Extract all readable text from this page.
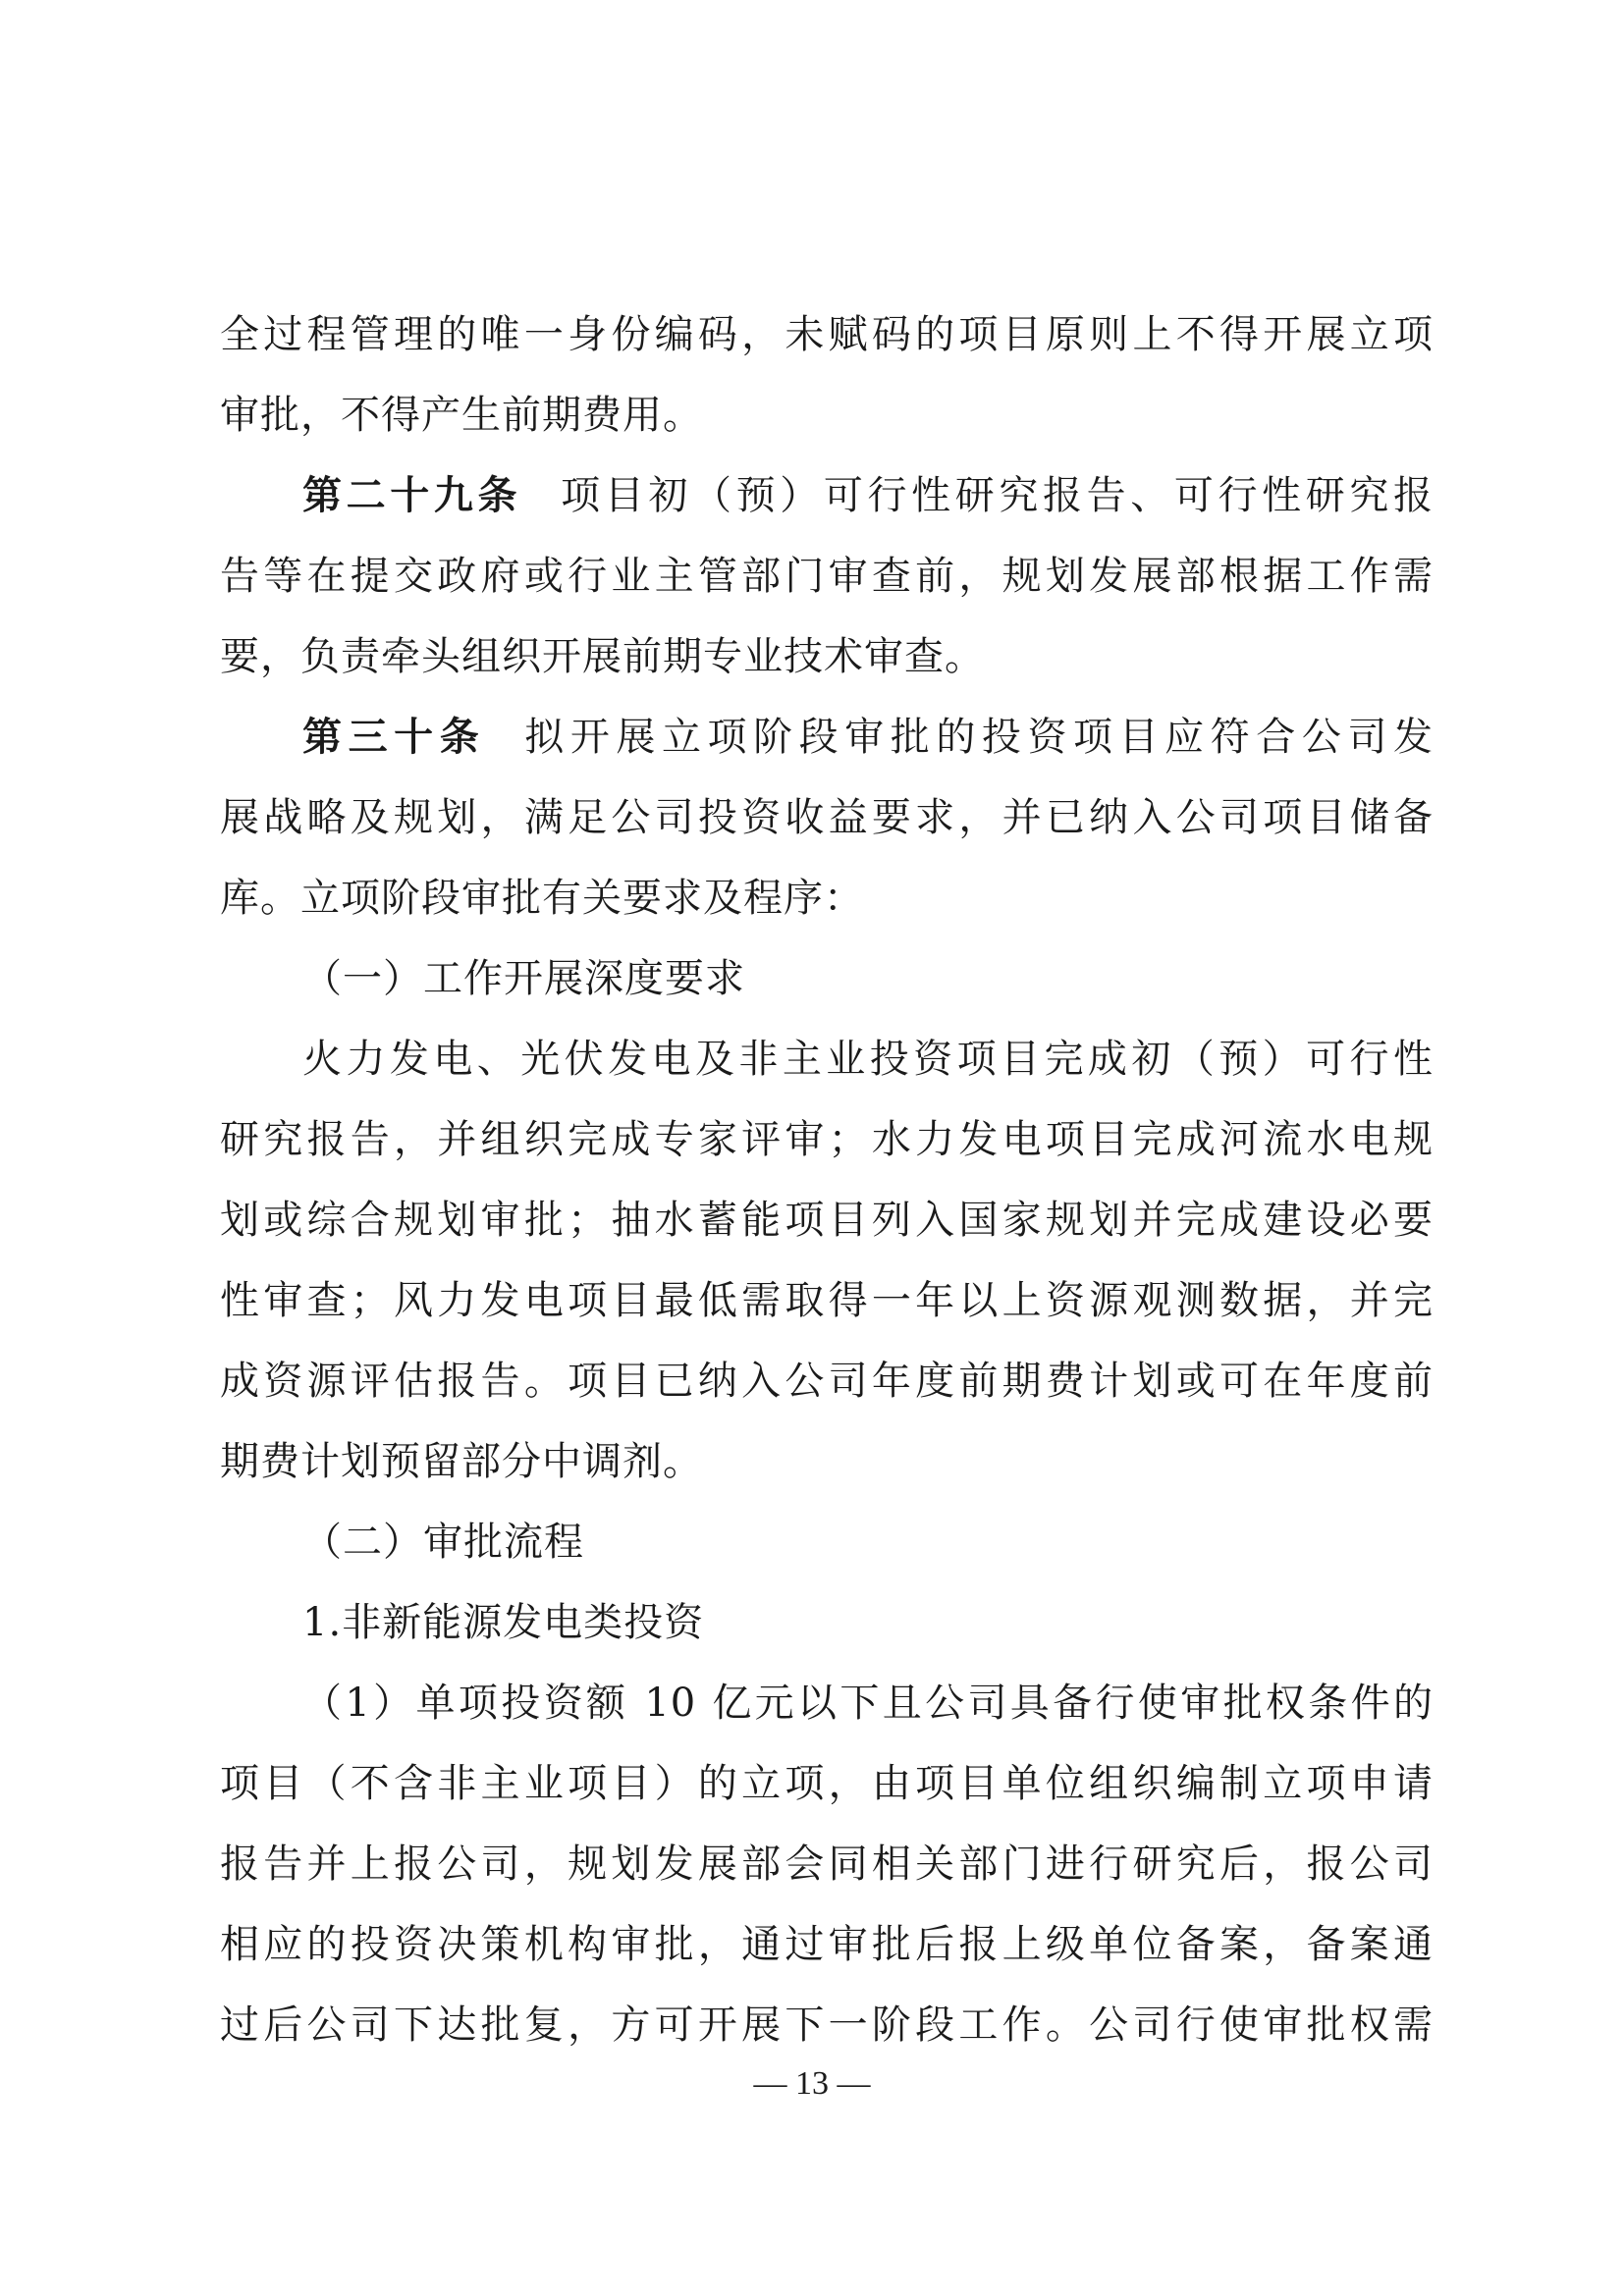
全过程管理的唯一身份编码，未赋码的项目原则上不得开展立项
审批，不得产生前期费用。
第二十九条 项目初（预）可行性研究报告、可行性研究报
告等在提交政府或行业主管部门审查前，规划发展部根据工作需
要，负责牵头组织开展前期专业技术审查。
第三十条 拟开展立项阶段审批的投资项目应符合公司发
展战略及规划，满足公司投资收益要求，并已纳入公司项目储备
库。立项阶段审批有关要求及程序：
（一）工作开展深度要求
火力发电、光伏发电及非主业投资项目完成初（预）可行性
研究报告，并组织完成专家评审；水力发电项目完成河流水电规
划或综合规划审批；抽水蓄能项目列入国家规划并完成建设必要
性审查；风力发电项目最低需取得一年以上资源观测数据，并完
成资源评估报告。项目已纳入公司年度前期费计划或可在年度前
期费计划预留部分中调剂。
（二）审批流程
1.非新能源发电类投资
（1）单项投资额 10 亿元以下且公司具备行使审批权条件的
项目（不含非主业项目）的立项，由项目单位组织编制立项申请
报告并上报公司，规划发展部会同相关部门进行研究后，报公司
相应的投资决策机构审批，通过审批后报上级单位备案，备案通
过后公司下达批复，方可开展下一阶段工作。公司行使审批权需
— 13 —
